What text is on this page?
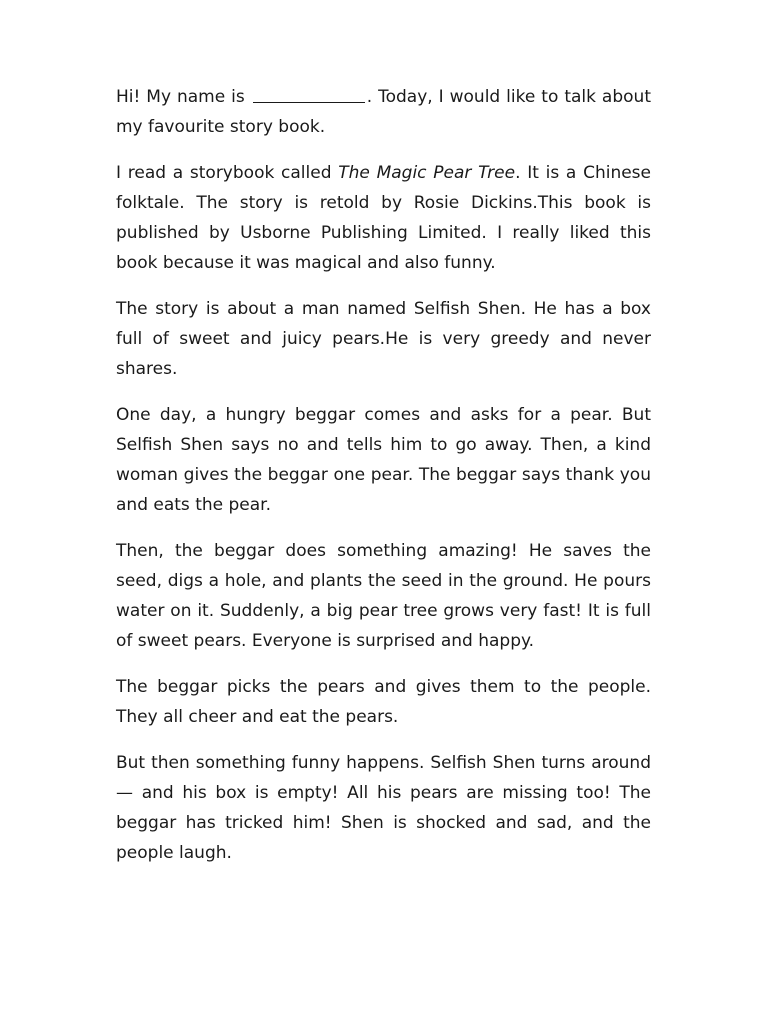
Hi! My name is	. Today, I would like to talk about my favourite story book.

I read a storybook called The Magic Pear Tree. It is a Chinese folktale. The story is retold by Rosie Dickins.This book is published by Usborne Publishing Limited. I really liked this book because it was magical and also funny.

The story is about a man named Selfish Shen. He has a box full of sweet and juicy pears.He is very greedy and never shares.

One day, a hungry beggar comes and asks for a pear. But Selfish Shen says no and tells him to go away. Then, a kind woman gives the beggar one pear. The beggar says thank you and eats the pear.

Then, the beggar does something amazing! He saves the seed, digs a hole, and plants the seed in the ground. He pours water on it. Suddenly, a big pear tree grows very fast! It is full of sweet pears. Everyone is surprised and happy.

The beggar picks the pears and gives them to the people. They all cheer and eat the pears.

But then something funny happens. Selfish Shen turns around — and his box is empty! All his pears are missing too! The beggar has tricked him! Shen is shocked and sad, and the people laugh.
